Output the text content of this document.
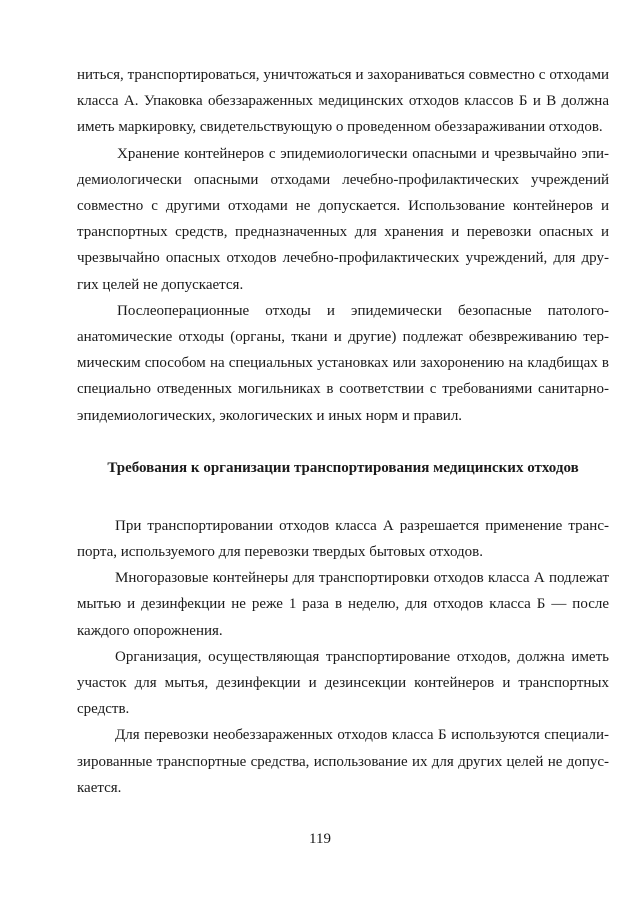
ниться, транспортироваться, уничтожаться и захораниваться совместно с отходами класса А. Упаковка обеззараженных медицинских отходов классов Б и В должна иметь маркировку, свидетельствующую о проведенном обеззараживании отходов.

Хранение контейнеров с эпидемиологически опасными и чрезвычайно эпидемиологически опасными отходами лечебно-профилактических учреждений совместно с другими отходами не допускается. Использование контейнеров и транспортных средств, предназначенных для хранения и перевозки опасных и чрезвычайно опасных отходов лечебно-профилактических учреждений, для других целей не допускается.

Послеоперационные отходы и эпидемически безопасные патологоанатомические отходы (органы, ткани и другие) подлежат обезвреживанию термическим способом на специальных установках или захоронению на кладбищах в специально отведенных могильниках в соответствии с требованиями санитарноэпидемиологических, экологических и иных норм и правил.

Требования к организации транспортирования медицинских отходов

При транспортировании отходов класса А разрешается применение транспорта, используемого для перевозки твердых бытовых отходов.

Многоразовые контейнеры для транспортировки отходов класса А подлежат мытью и дезинфекции не реже 1 раза в неделю, для отходов класса Б — после каждого опорожнения.

Организация, осуществляющая транспортирование отходов, должна иметь участок для мытья, дезинфекции и дезинсекции контейнеров и транспортных средств.

Для перевозки необеззараженных отходов класса Б используются специализированные транспортные средства, использование их для других целей не допускается.

119
